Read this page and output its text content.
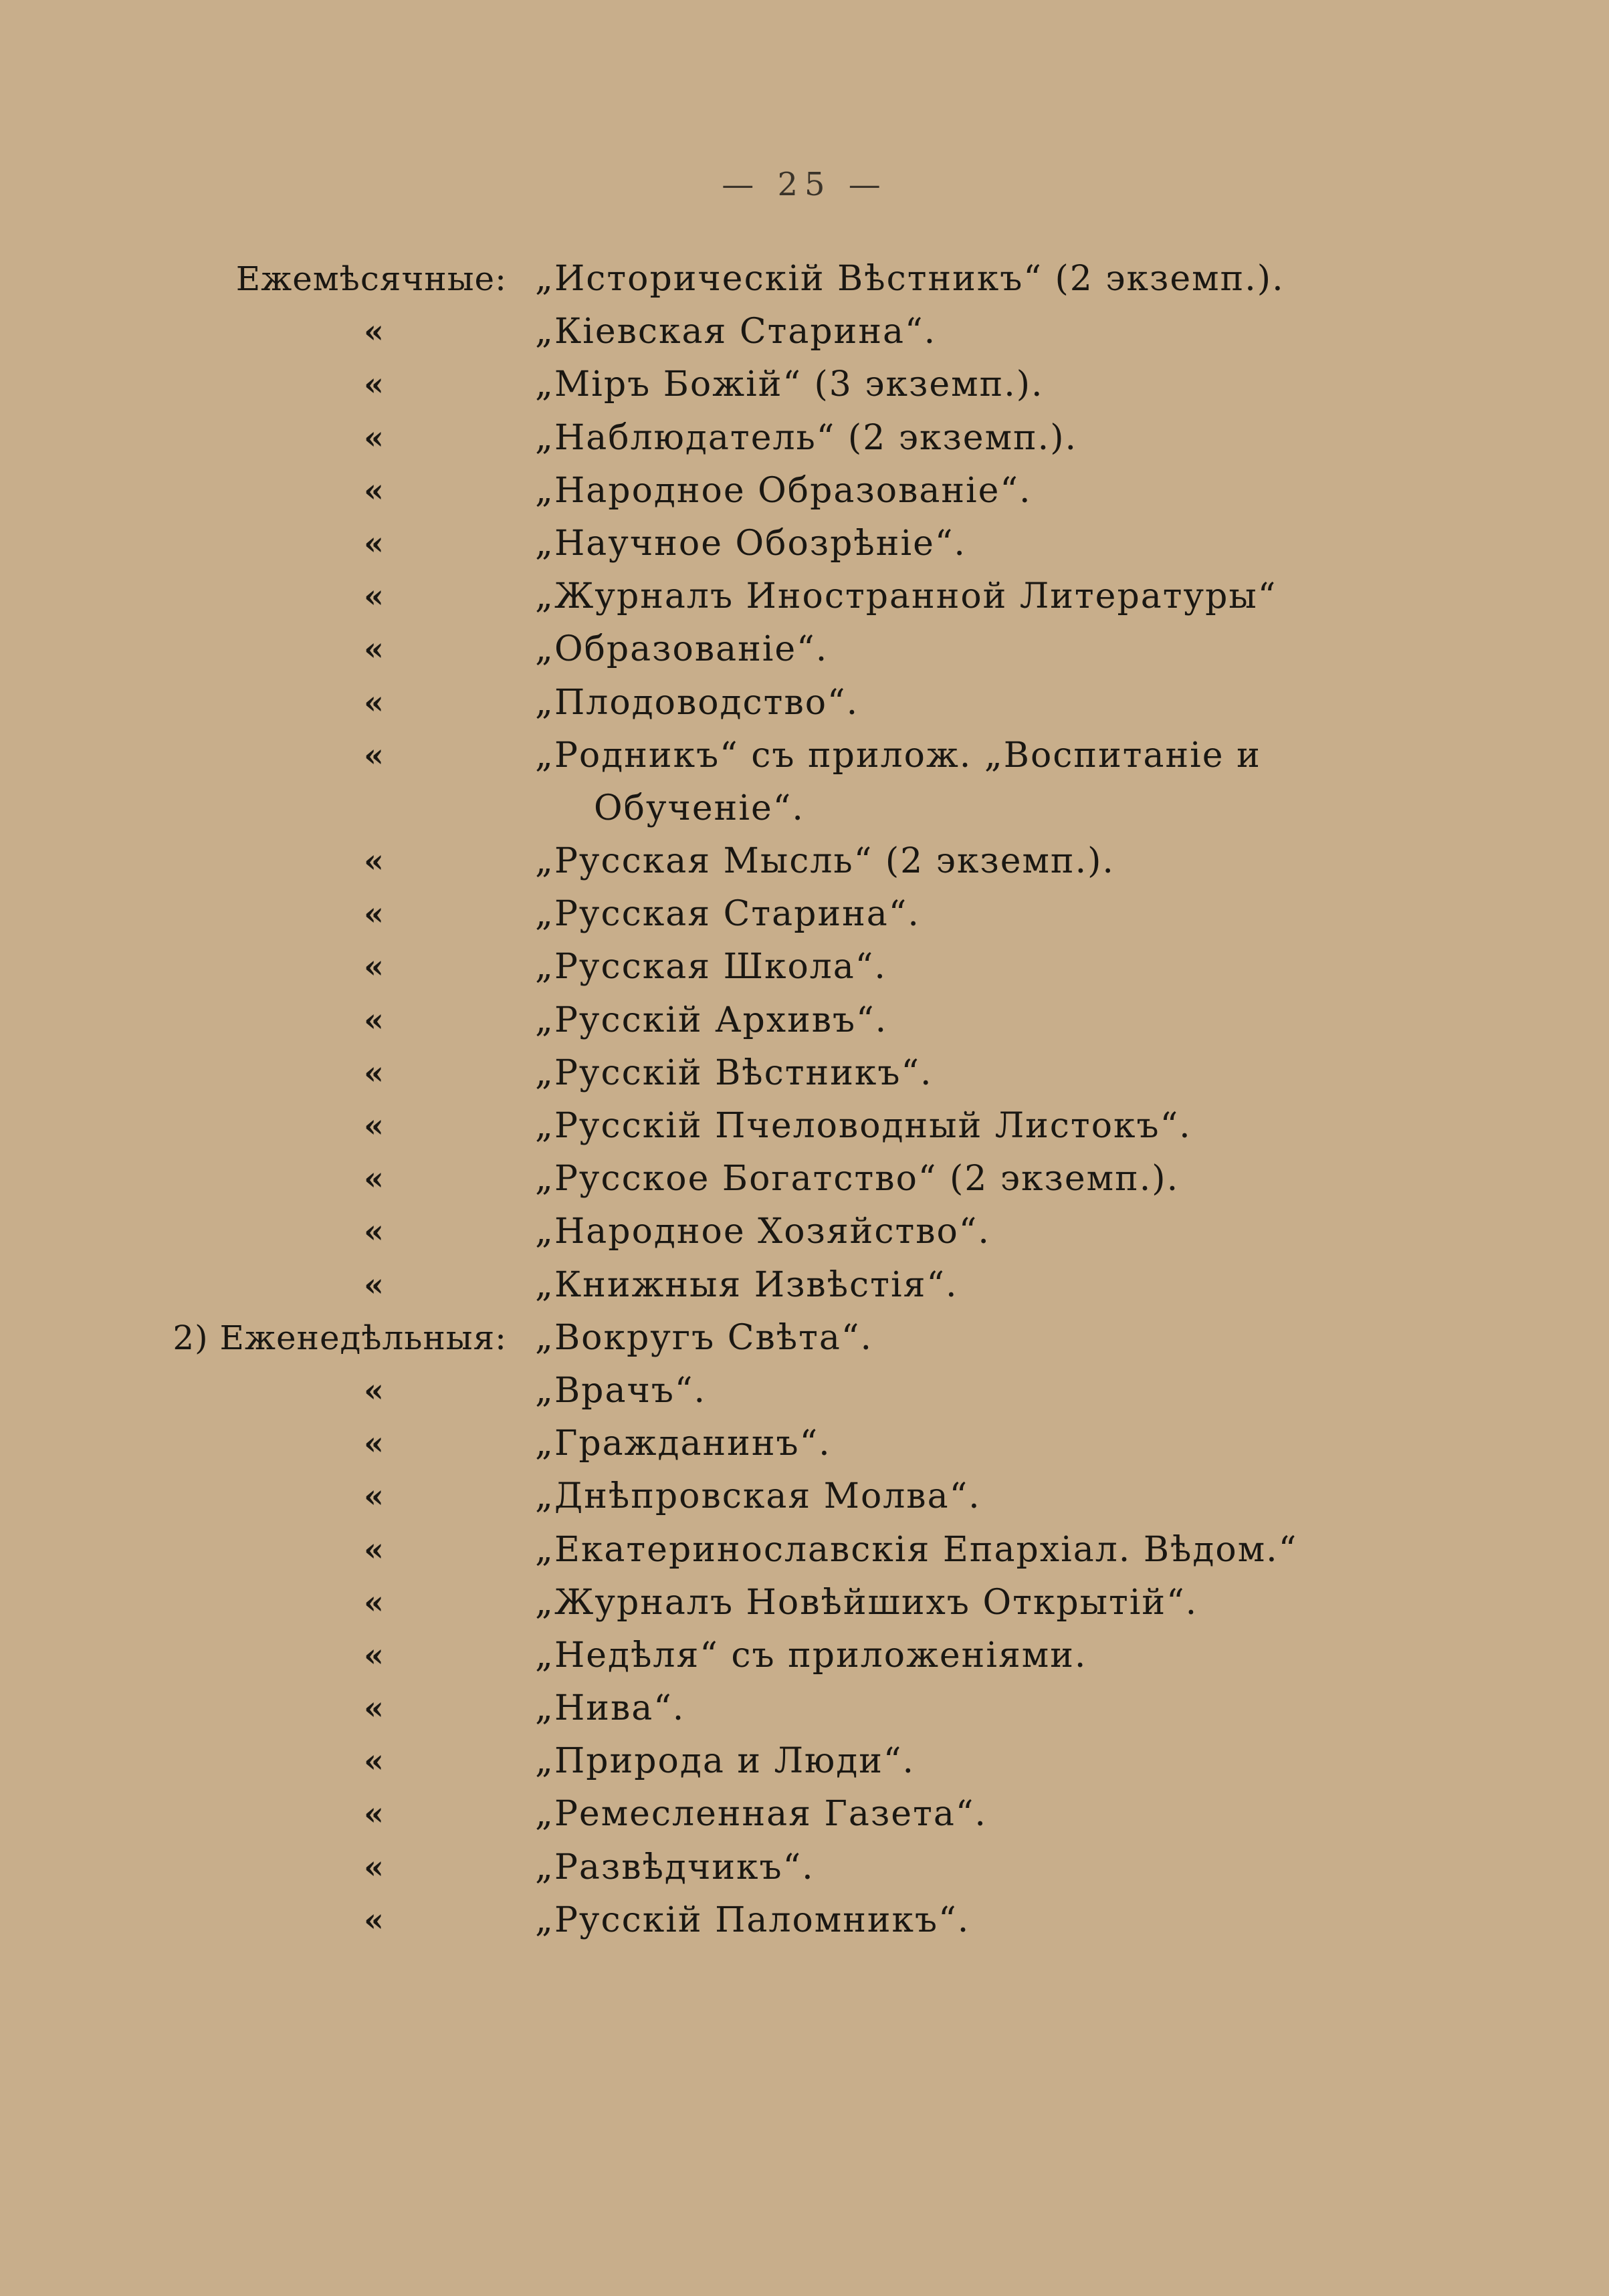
— 25 —
Ежемѣсячные: „Историческій Вѣстникъ“ (2 экземп.).
«	„Кіевская Старина“.
«	„Міръ Божій“ (3 экземп.).
«	„Наблюдатель“ (2 экземп.).
«	„Народное Образованіе“.
«	„Научное Обозрѣніе“.
«	„Журналъ Иностранной Литературы“
«	„Образованіе“.
«	„Плодоводство“.
«	„Родникъ“ съ прилож. „Воспитаніе и
Обученіе“.
«	„Русская Мысль“ (2 экземп.).
«	„Русская Старина“.
«	„Русская Школа“.
«	„Русскій Архивъ“.
«	„Русскій Вѣстникъ“.
«	„Русскій Пчеловодный Листокъ“.
«	„Русское Богатство“ (2 экземп.).
«	„Народное Хозяйство“.
«	„Книжныя Извѣстія“.
2) Еженедѣльныя: „Вокругъ Свѣта“.
«	„Врачъ“.
«	„Гражданинъ“.
«	„Днѣпровская Молва“.
«	„Екатеринославскія Епархіал. Вѣдом.“
«	„Журналъ Новѣйшихъ Открытій“.
«	„Недѣля“ съ приложеніями.
«	„Нива“.
«	„Природа и Люди“.
«	„Ремесленная Газета“.
«	„Развѣдчикъ“.
«	„Русскій Паломникъ“.
